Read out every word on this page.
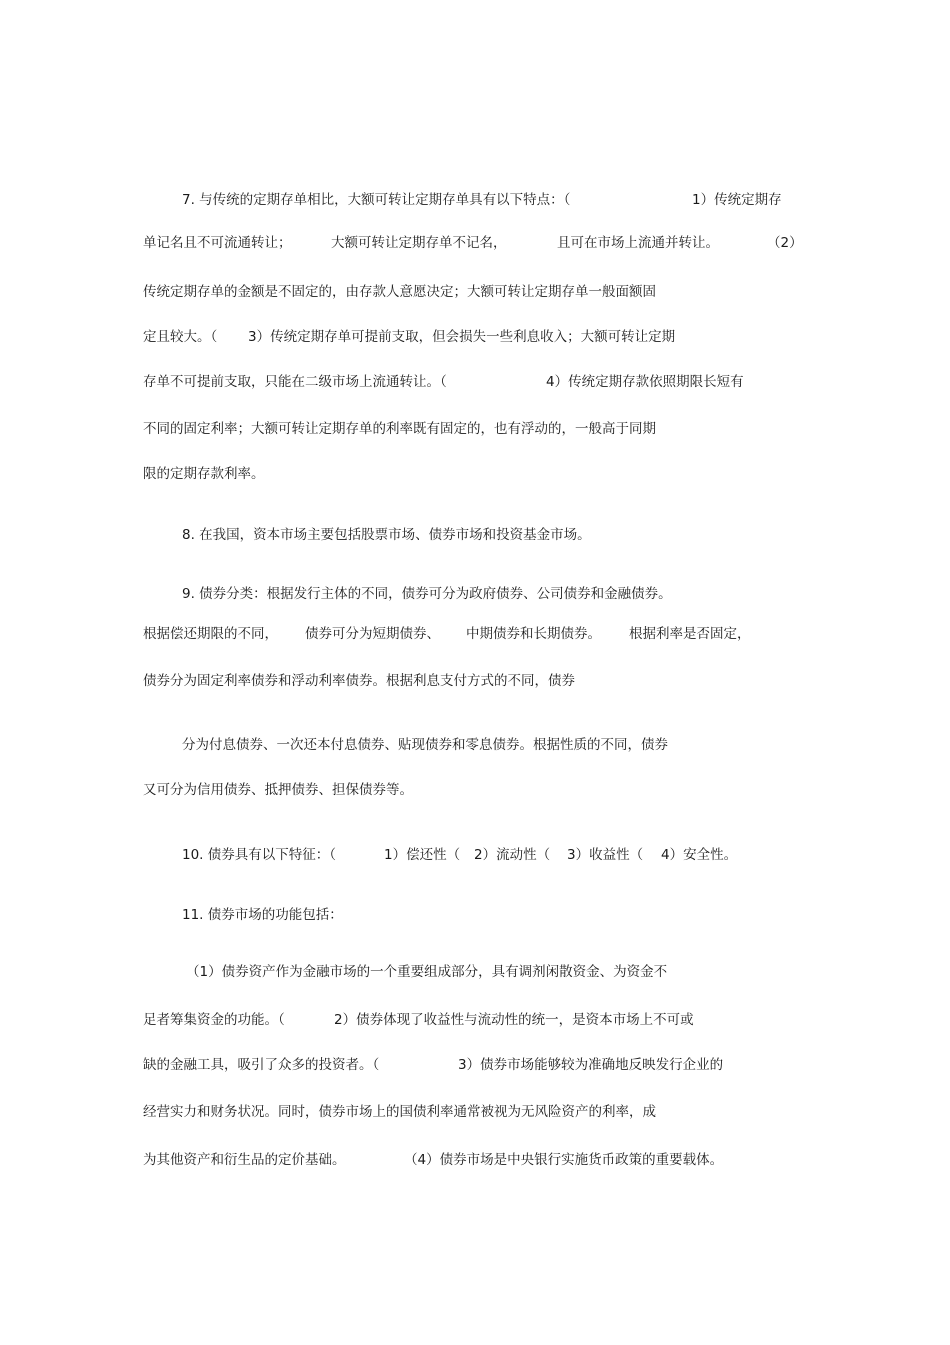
7. 与传统的定期存单相比，大额可转让定期存单具有以下特点：（	1）传统定期存

单记名且不可流通转让；	大额可转让定期存单不记名，	且可在市场上流通并转让。	（2）

传统定期存单的金额是不固定的，由存款人意愿决定；大额可转让定期存单一般面额固

定且较大。（ 3）传统定期存单可提前支取，但会损失一些利息收入；大额可转让定期

存单不可提前支取，只能在二级市场上流通转让。（	4）传统定期存款依照期限长短有

不同的固定利率；大额可转让定期存单的利率既有固定的，也有浮动的，一般高于同期

限的定期存款利率。

8. 在我国，资本市场主要包括股票市场、债券市场和投资基金市场。

9. 债券分类：根据发行主体的不同，债券可分为政府债券、公司债券和金融债券。

根据偿还期限的不同， 债券可分为短期债券、 中期债券和长期债券。 根据利率是否固定，

债券分为固定利率债券和浮动利率债券。根据利息支付方式的不同，债券

分为付息债券、一次还本付息债券、贴现债券和零息债券。根据性质的不同，债券

又可分为信用债券、抵押债券、担保债券等。

10. 债券具有以下特征：（	1）偿还性（ 2）流动性（ 3）收益性（ 4）安全性。

11. 债券市场的功能包括：

（1）债券资产作为金融市场的一个重要组成部分，具有调剂闲散资金、为资金不

足者筹集资金的功能。（	2）债券体现了收益性与流动性的统一，是资本市场上不可或

缺的金融工具，吸引了众多的投资者。（	3）债券市场能够较为准确地反映发行企业的

经营实力和财务状况。同时，债券市场上的国债利率通常被视为无风险资产的利率，成

为其他资产和衍生品的定价基础。	（4）债券市场是中央银行实施货币政策的重要载体。
